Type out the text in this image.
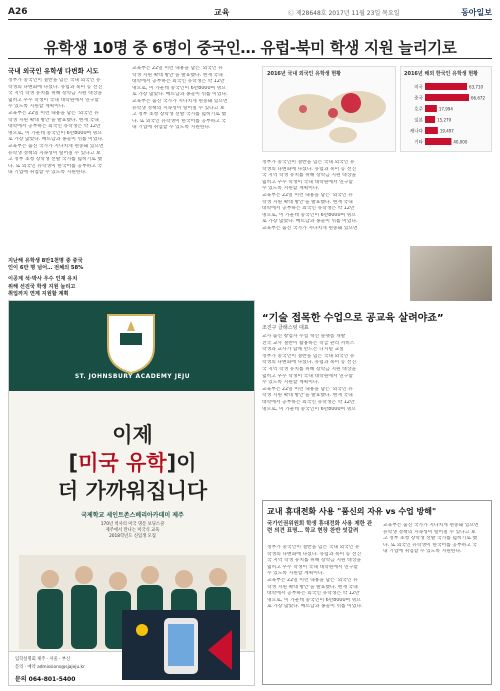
A26	교육	Ⓒ 제28648호 2017년 11월 23일 목요일	동아일보
유학생 10명 중 6명이 중국인… 유럽-북미 학생 지원 늘리기로
국내 외국인 유학생 다변화 시도
정부가 중국인이 절반을 넘는 국내 외국인 유
학생의 다변화에 나섰다. 유럽과 북미 등 선진
국 지역 학생 유치를 위해 장학금 지원 대상을
넓히고 우수 학생이 국내 대학원에서 연구할
수 있도록 지원할 계획이다.
교육부는 22일 이런 내용을 담은 '외국인 유
학생 지원 확대 방안'을 발표했다. 현재 국내
대학에서 공부하는 외국인 유학생은 약 12만
명으로, 이 가운데 중국인이 6만8000여 명으
로 가장 많았다. 베트남과 몽골이 뒤를 이었다.
교육부는 출신 국가가 지나치게 편중돼 있으면
유학생 정책의 지속성이 떨어질 수 있다고 보
고 정부 초청 장학생 선발 국가를 넓히기로 했
다. 또 외국인 유학생이 한국어를 공부하고 국
내 기업에 취업할 수 있도록 지원한다.
지난해 유학생 8만1천명 중 중국
인이 6만 명 넘어… 전체의 58%
이공계 석·박사 우수 인재 유치
위해 선진국 학생 지원 늘리고
취업까지 연계 지원할 계획
교육부는 22일 이런 내용을 담은 '외국인 유
학생 지원 확대 방안'을 발표했다. 현재 국내
대학에서 공부하는 외국인 유학생은 약 12만
명으로, 이 가운데 중국인이 6만8000여 명으
로 가장 많았다. 베트남과 몽골이 뒤를 이었다.
교육부는 출신 국가가 지나치게 편중돼 있으면
유학생 정책의 지속성이 떨어질 수 있다고 보
고 정부 초청 장학생 선발 국가를 넓히기로 했
다. 또 외국인 유학생이 한국어를 공부하고 국
내 기업에 취업할 수 있도록 지원한다.
2016년 국내 외국인 유학생 현황	2016년 해외 한국인 유학생 현황
미국	63,710
중국	66,672
호주	17,994
일본	15,279
캐나다	19,497
기타	40,000
정부가 중국인이 절반을 넘는 국내 외국인 유
학생의 다변화에 나섰다. 유럽과 북미 등 선진
국 지역 학생 유치를 위해 장학금 지원 대상을
넓히고 우수 학생이 국내 대학원에서 연구할
수 있도록 지원할 계획이다.
교육부는 22일 이런 내용을 담은 '외국인 유
학생 지원 확대 방안'을 발표했다. 현재 국내
대학에서 공부하는 외국인 유학생은 약 12만
명으로, 이 가운데 중국인이 6만8000여 명으
로 가장 많았다. 베트남과 몽골이 뒤를 이었다.
교육부는 출신 국가가 지나치게 편중돼 있으면
“기술 접목한 수업으로 공교육 살려야죠”
조진구 클래스팅 대표
교사 출신 창업자 수업 혁신 플랫폼 개발
전국 교사 절반이 활용하는 학급 관리 서비스
학생과 교사가 함께 만드는 디지털 교실
정부가 중국인이 절반을 넘는 국내 외국인 유
학생의 다변화에 나섰다. 유럽과 북미 등 선진
국 지역 학생 유치를 위해 장학금 지원 대상을
넓히고 우수 학생이 국내 대학원에서 연구할
수 있도록 지원할 계획이다.
교육부는 22일 이런 내용을 담은 '외국인 유
학생 지원 확대 방안'을 발표했다. 현재 국내
대학에서 공부하는 외국인 유학생은 약 12만
명으로, 이 가운데 중국인이 6만8000여 명으
ST. JOHNSBURY ACADEMY JEJU
이제
[미국 유학]이
더 가까워집니다
국제학교 세인트존스베리아카데미 제주
170년 역사의 미국 명문 보딩스쿨
제주에서 만나는 미국식 교육
2018학년도 신입생 모집
입학설명회 제주 · 서울 · 부산
문의 · 예약 admissions@sjajeju.kr
문의 064-801-5400
교내 휴대전화 사용 "품신의 자유 vs 수업 방해"
국가인권위원회 학생 휴대전화 사용 제한 관련 의견 표명… 학교 현장 찬반 엇갈려
정부가 중국인이 절반을 넘는 국내 외국인 유
학생의 다변화에 나섰다. 유럽과 북미 등 선진
국 지역 학생 유치를 위해 장학금 지원 대상을
넓히고 우수 학생이 국내 대학원에서 연구할
수 있도록 지원할 계획이다.
교육부는 22일 이런 내용을 담은 '외국인 유
학생 지원 확대 방안'을 발표했다. 현재 국내
대학에서 공부하는 외국인 유학생은 약 12만
명으로, 이 가운데 중국인이 6만8000여 명으
로 가장 많았다. 베트남과 몽골이 뒤를 이었다.
교육부는 출신 국가가 지나치게 편중돼 있으면
유학생 정책의 지속성이 떨어질 수 있다고 보
고 정부 초청 장학생 선발 국가를 넓히기로 했
다. 또 외국인 유학생이 한국어를 공부하고 국
내 기업에 취업할 수 있도록 지원한다.
